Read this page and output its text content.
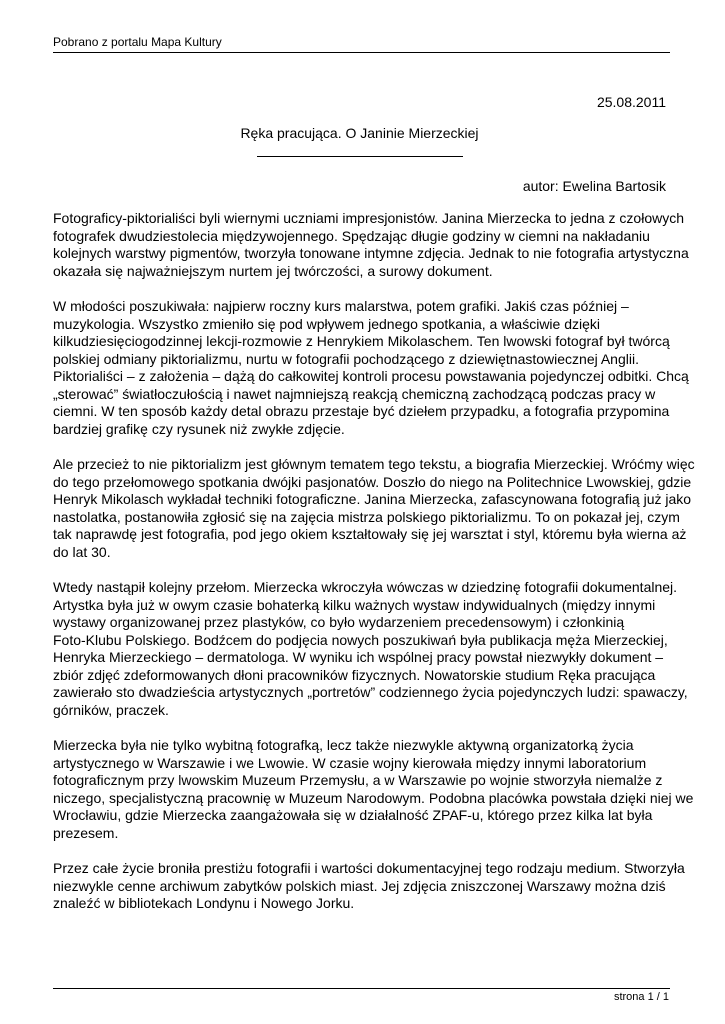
Pobrano z portalu Mapa Kultury
25.08.2011
Ręka pracująca. O Janinie Mierzeckiej
autor: Ewelina Bartosik

Fotograficy-piktorialiści byli wiernymi uczniami impresjonistów. Janina Mierzecka to jedna z czołowych
fotografek dwudziestolecia międzywojennego. Spędzając długie godziny w ciemni na nakładaniu
kolejnych warstwy pigmentów, tworzyła tonowane intymne zdjęcia. Jednak to nie fotografia artystyczna
okazała się najważniejszym nurtem jej twórczości, a surowy dokument.

W młodości poszukiwała: najpierw roczny kurs malarstwa, potem grafiki. Jakiś czas później –
muzykologia. Wszystko zmieniło się pod wpływem jednego spotkania, a właściwie dzięki
kilkudziesięciogodzinnej lekcji-rozmowie z Henrykiem Mikolaschem. Ten lwowski fotograf był twórcą
polskiej odmiany piktorializmu, nurtu w fotografii pochodzącego z dziewiętnastowiecznej Anglii.
Piktorialiści – z założenia – dążą do całkowitej kontroli procesu powstawania pojedynczej odbitki. Chcą
„sterować” światłoczułością i nawet najmniejszą reakcją chemiczną zachodzącą podczas pracy w
ciemni. W ten sposób każdy detal obrazu przestaje być dziełem przypadku, a fotografia przypomina
bardziej grafikę czy rysunek niż zwykłe zdjęcie.

Ale przecież to nie piktorializm jest głównym tematem tego tekstu, a biografia Mierzeckiej. Wróćmy więc
do tego przełomowego spotkania dwójki pasjonatów. Doszło do niego na Politechnice Lwowskiej, gdzie
Henryk Mikolasch wykładał techniki fotograficzne. Janina Mierzecka, zafascynowana fotografią już jako
nastolatka, postanowiła zgłosić się na zajęcia mistrza polskiego piktorializmu. To on pokazał jej, czym
tak naprawdę jest fotografia, pod jego okiem kształtowały się jej warsztat i styl, któremu była wierna aż
do lat 30.

Wtedy nastąpił kolejny przełom. Mierzecka wkroczyła wówczas w dziedzinę fotografii dokumentalnej.
Artystka była już w owym czasie bohaterką kilku ważnych wystaw indywidualnych (między innymi
wystawy organizowanej przez plastyków, co było wydarzeniem precedensowym) i członkinią
Foto-Klubu Polskiego. Bodźcem do podjęcia nowych poszukiwań była publikacja męża Mierzeckiej,
Henryka Mierzeckiego – dermatologa. W wyniku ich wspólnej pracy powstał niezwykły dokument –
zbiór zdjęć zdeformowanych dłoni pracowników fizycznych. Nowatorskie studium Ręka pracująca
zawierało sto dwadzieścia artystycznych „portretów” codziennego życia pojedynczych ludzi: spawaczy,
górników, praczek.

Mierzecka była nie tylko wybitną fotografką, lecz także niezwykle aktywną organizatorką życia
artystycznego w Warszawie i we Lwowie. W czasie wojny kierowała między innymi laboratorium
fotograficznym przy lwowskim Muzeum Przemysłu, a w Warszawie po wojnie stworzyła niemalże z
niczego, specjalistyczną pracownię w Muzeum Narodowym. Podobna placówka powstała dzięki niej we
Wrocławiu, gdzie Mierzecka zaangażowała się w działalność ZPAF-u, którego przez kilka lat była
prezesem.

Przez całe życie broniła prestiżu fotografii i wartości dokumentacyjnej tego rodzaju medium. Stworzyła
niezwykle cenne archiwum zabytków polskich miast. Jej zdjęcia zniszczonej Warszawy można dziś
znaleźć w bibliotekach Londynu i Nowego Jorku.

strona 1 / 1
